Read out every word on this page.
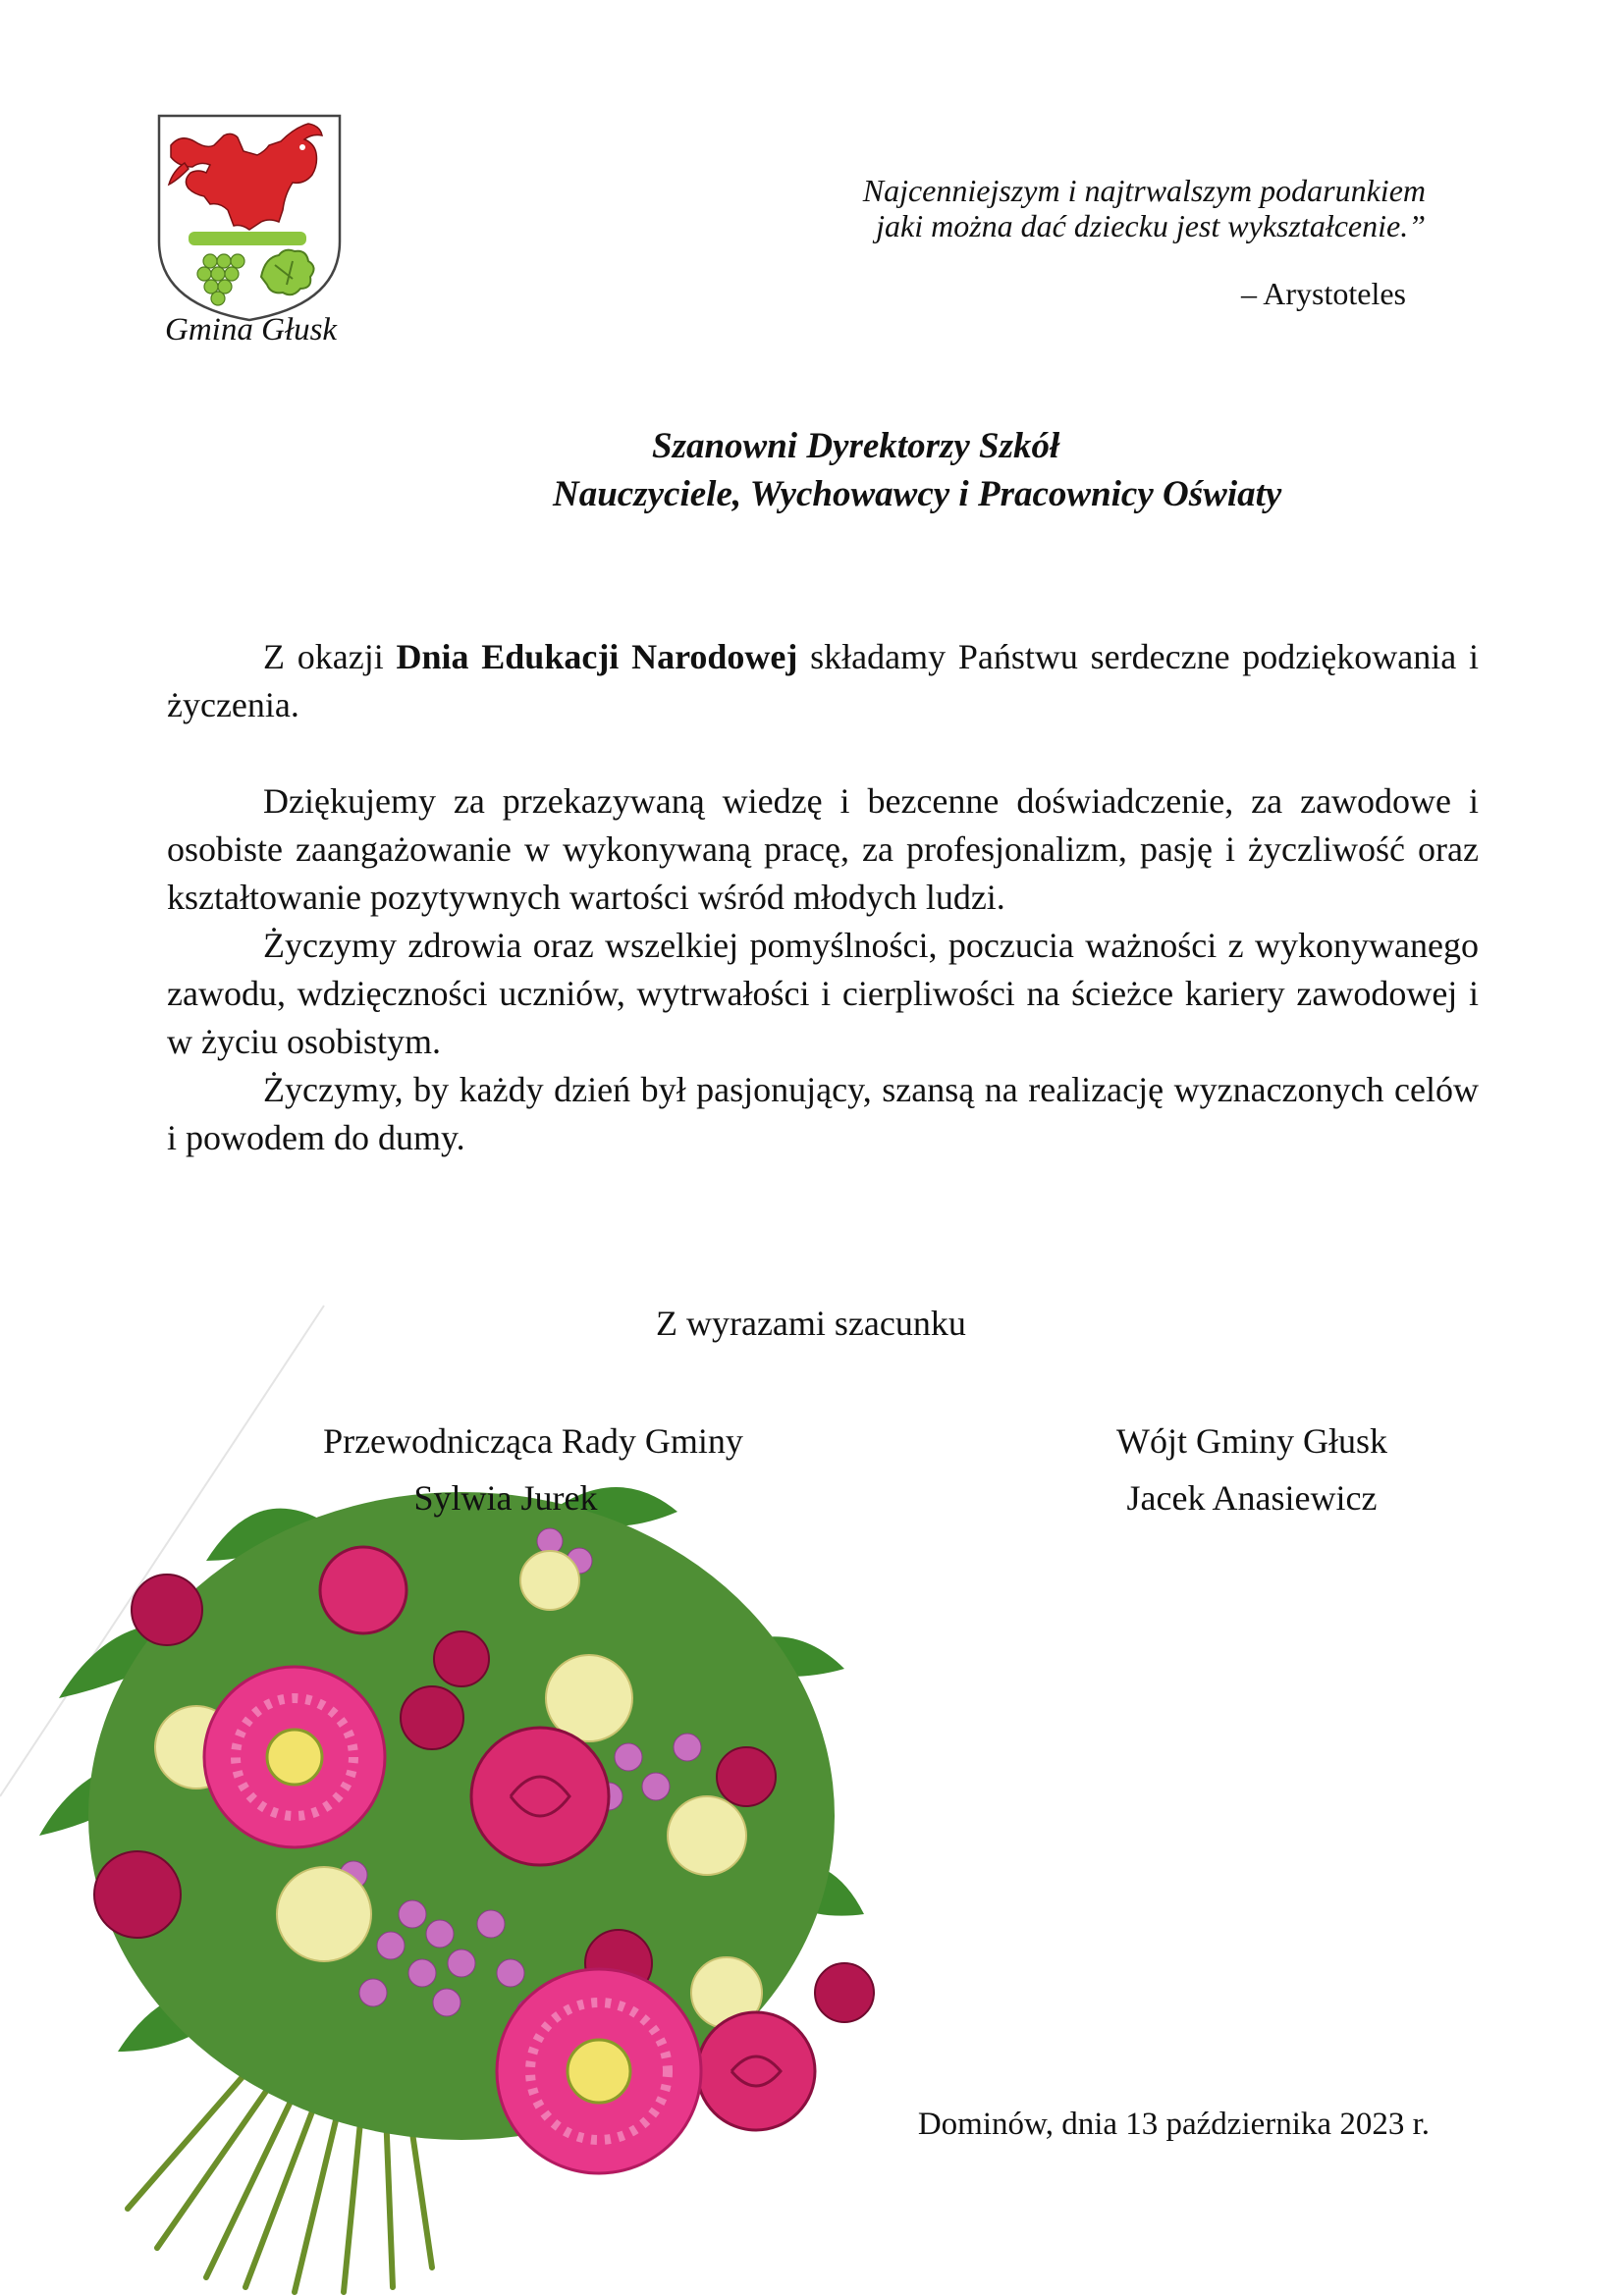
Gmina Głusk
Najcenniejszym i najtrwalszym podarunkiem
jaki można dać dziecku jest wykształcenie.”
– Arystoteles
Szanowni Dyrektorzy Szkół
Nauczyciele, Wychowawcy i Pracownicy Oświaty

Z okazji Dnia Edukacji Narodowej składamy Państwu serdeczne podziękowania i życzenia.

Dziękujemy za przekazywaną wiedzę i bezcenne doświadczenie, za zawodowe i osobiste zaangażowanie w wykonywaną pracę, za profesjonalizm, pasję i życzliwość oraz kształtowanie pozytywnych wartości wśród młodych ludzi.

Życzymy zdrowia oraz wszelkiej pomyślności, poczucia ważności z wykonywanego zawodu, wdzięczności uczniów, wytrwałości i cierpliwości na ścieżce kariery zawodowej i w życiu osobistym.

Życzymy, by każdy dzień był pasjonujący, szansą na realizację wyznaczonych celów i powodem do dumy.

Z wyrazami szacunku
Przewodnicząca Rady Gminy
Sylwia Jurek
Wójt Gminy Głusk
Jacek Anasiewicz
Dominów, dnia 13 października 2023 r.
